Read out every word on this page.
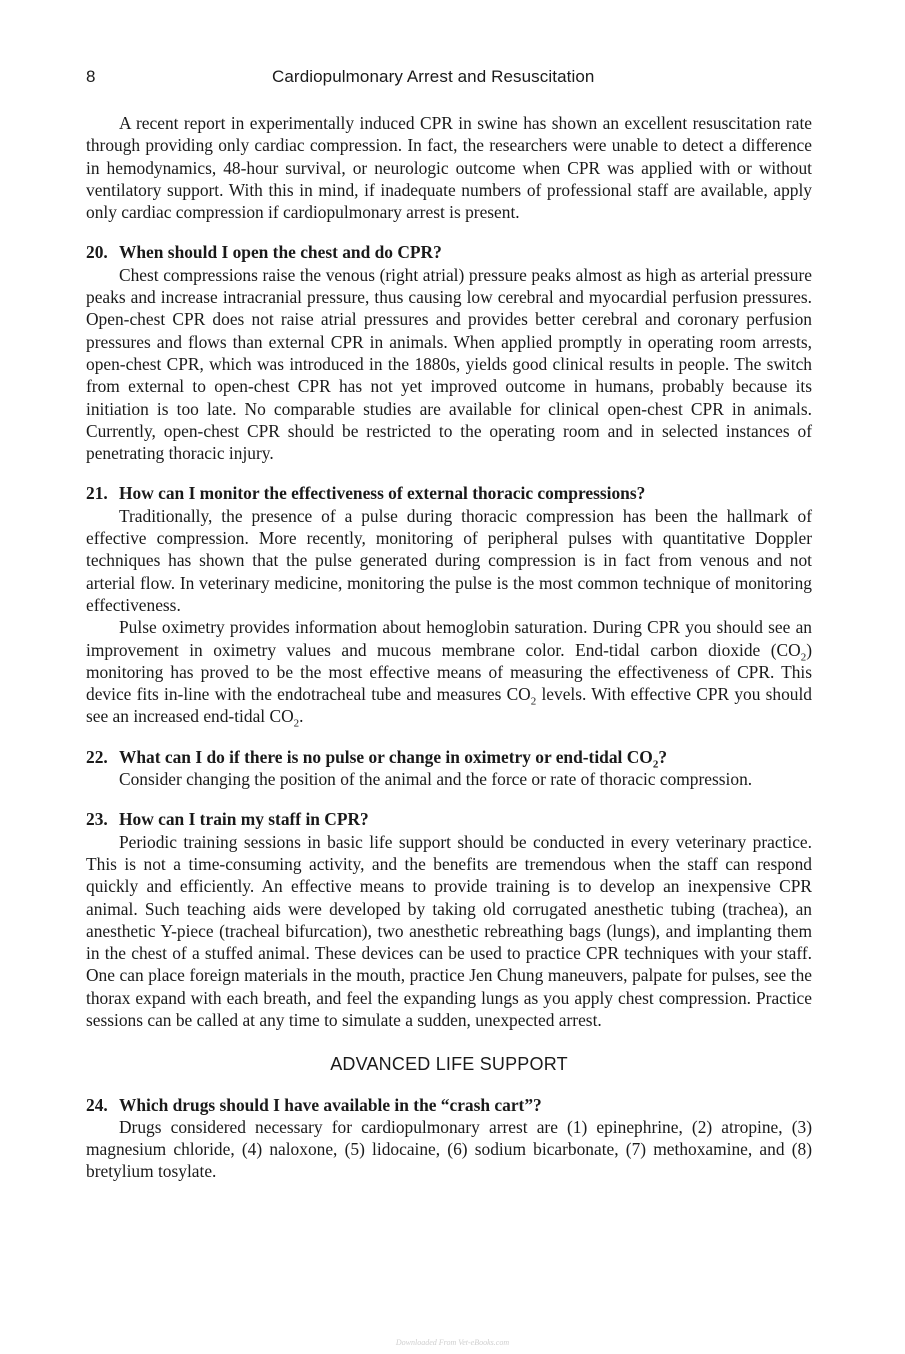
8	Cardiopulmonary Arrest and Resuscitation

A recent report in experimentally induced CPR in swine has shown an excellent resuscitation rate through providing only cardiac compression. In fact, the researchers were unable to detect a difference in hemodynamics, 48-hour survival, or neurologic outcome when CPR was applied with or without ventilatory support. With this in mind, if inadequate numbers of professional staff are available, apply only cardiac compression if cardiopulmonary arrest is present.

20. When should I open the chest and do CPR?

Chest compressions raise the venous (right atrial) pressure peaks almost as high as arterial pressure peaks and increase intracranial pressure, thus causing low cerebral and myocardial perfusion pressures. Open-chest CPR does not raise atrial pressures and provides better cerebral and coronary perfusion pressures and flows than external CPR in animals. When applied promptly in operating room arrests, open-chest CPR, which was introduced in the 1880s, yields good clinical results in people. The switch from external to open-chest CPR has not yet improved outcome in humans, probably because its initiation is too late. No comparable studies are available for clinical open-chest CPR in animals. Currently, open-chest CPR should be restricted to the operating room and in selected instances of penetrating thoracic injury.

21. How can I monitor the effectiveness of external thoracic compressions?

Traditionally, the presence of a pulse during thoracic compression has been the hallmark of effective compression. More recently, monitoring of peripheral pulses with quantitative Doppler techniques has shown that the pulse generated during compression is in fact from venous and not arterial flow. In veterinary medicine, monitoring the pulse is the most common technique of monitoring effectiveness.

Pulse oximetry provides information about hemoglobin saturation. During CPR you should see an improvement in oximetry values and mucous membrane color. End-tidal carbon dioxide $(CO_2)$ monitoring has proved to be the most effective means of measuring the effectiveness of CPR. This device fits in-line with the endotracheal tube and measures $CO_2$ levels. With effective CPR you should see an increased end-tidal $CO_2$.

22. What can I do if there is no pulse or change in oximetry or end-tidal $CO_2$?

Consider changing the position of the animal and the force or rate of thoracic compression.

23. How can I train my staff in CPR?

Periodic training sessions in basic life support should be conducted in every veterinary practice. This is not a time-consuming activity, and the benefits are tremendous when the staff can respond quickly and efficiently. An effective means to provide training is to develop an inexpensive CPR animal. Such teaching aids were developed by taking old corrugated anesthetic tubing (trachea), an anesthetic Y-piece (tracheal bifurcation), two anesthetic rebreathing bags (lungs), and implanting them in the chest of a stuffed animal. These devices can be used to practice CPR techniques with your staff. One can place foreign materials in the mouth, practice Jen Chung maneuvers, palpate for pulses, see the thorax expand with each breath, and feel the expanding lungs as you apply chest compression. Practice sessions can be called at any time to simulate a sudden, unexpected arrest.

ADVANCED LIFE SUPPORT

24. Which drugs should I have available in the “crash cart”?

Drugs considered necessary for cardiopulmonary arrest are (1) epinephrine, (2) atropine, (3) magnesium chloride, (4) naloxone, (5) lidocaine, (6) sodium bicarbonate, (7) methoxamine, and (8) bretylium tosylate.

Downloaded From Vet-eBooks.com
